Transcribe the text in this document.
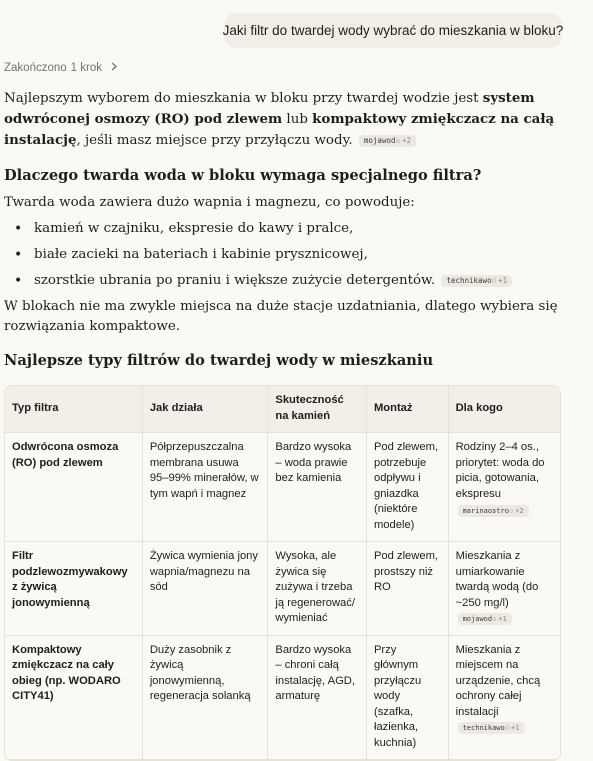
Jaki filtr do twardej wody wybrać do mieszkania w bloku?
Zakończono 1 krok

Najlepszym wyborem do mieszkania w bloku przy twardej wodzie jest system odwróconej osmozy (RO) pod zlewem lub kompaktowy zmiękczacz na całą instalację, jeśli masz miejsce przy przyłączu wody. mojawoda +2

Dlaczego twarda woda w bloku wymaga specjalnego filtra?

Twarda woda zawiera dużo wapnia i magnezu, co powoduje:

• kamień w czajniku, ekspresie do kawy i pralce,
• białe zacieki na bateriach i kabinie prysznicowej,
• szorstkie ubrania po praniu i większe zużycie detergentów. technikawod +1

W blokach nie ma zwykle miejsca na duże stacje uzdatniania, dlatego wybiera się rozwiązania kompaktowe.

Najlepsze typy filtrów do twardej wody w mieszkaniu
Typ filtra	Jak działa	Skuteczność na kamień	Montaż	Dla kogo
Odwrócona osmoza (RO) pod zlewem	Półprzepuszczalna membrana usuwa 95–99% minerałów, w tym wapń i magnez	Bardzo wysoka – woda prawie bez kamienia	Pod zlewem, potrzebuje odpływu i gniazdka (niektóre modele)	Rodziny 2–4 os., priorytet: woda do picia, gotowania, ekspresu
marinaostroo +2
Filtr podzlewozmywakowy z żywicą jonowymienną	Żywica wymienia jony wapnia/magnezu na sód	Wysoka, ale żywica się zużywa i trzeba ją regenerować/ wymieniać	Pod zlewem, prostszy niż RO	Mieszkania z umiarkowanie twardą wodą (do ~250 mg/l)
mojawoda +1
Kompaktowy zmiękczacz na cały obieg (np. WODARO CITY41)	Duży zasobnik z żywicą jonowymienną, regeneracja solanką	Bardzo wysoka – chroni całą instalację, AGD, armaturę	Przy głównym przyłączu wody (szafka, łazienka, kuchnia)	Mieszkania z miejscem na urządzenie, chcą ochrony całej instalacji
technikawod +1
